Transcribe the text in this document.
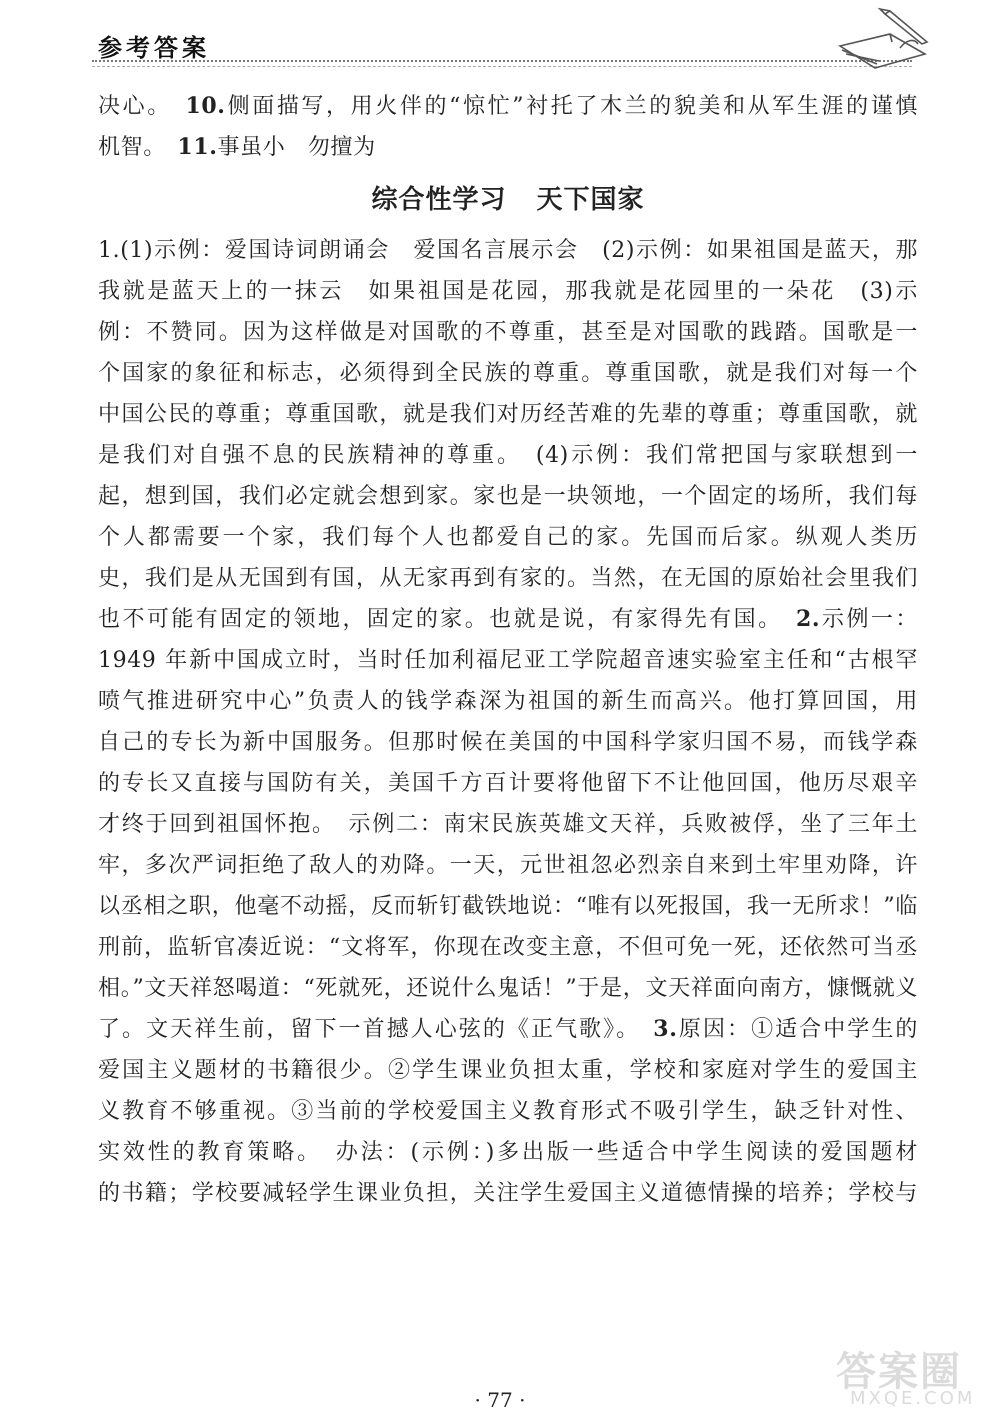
参考答案
决心。　 10.侧面描写，用火伴的“惊忙”衬托了木兰的貌美和从军生涯的谨慎
机智。　 11.事虽小　勿擅为
综合性学习 天下国家
1.(1)示例：爱国诗词朗诵会　爱国名言展示会　(2)示例：如果祖国是蓝天，那
我就是蓝天上的一抹云　如果祖国是花园，那我就是花园里的一朵花　(3)示
例：不赞同。因为这样做是对国歌的不尊重，甚至是对国歌的践踏。国歌是一
个国家的象征和标志，必须得到全民族的尊重。尊重国歌，就是我们对每一个
中国公民的尊重；尊重国歌，就是我们对历经苦难的先辈的尊重；尊重国歌，就
是我们对自强不息的民族精神的尊重。　(4)示例：我们常把国与家联想到一
起，想到国，我们必定就会想到家。家也是一块领地，一个固定的场所，我们每
个人都需要一个家，我们每个人也都爱自己的家。先国而后家。纵观人类历
史，我们是从无国到有国，从无家再到有家的。当然，在无国的原始社会里我们
也不可能有固定的领地，固定的家。也就是说，有家得先有国。　 2.示例一：
1949 年新中国成立时，当时任加利福尼亚工学院超音速实验室主任和“古根罕
喷气推进研究中心”负责人的钱学森深为祖国的新生而高兴。他打算回国，用
自己的专长为新中国服务。但那时候在美国的中国科学家归国不易，而钱学森
的专长又直接与国防有关，美国千方百计要将他留下不让他回国，他历尽艰辛
才终于回到祖国怀抱。　示例二：南宋民族英雄文天祥，兵败被俘，坐了三年土
牢，多次严词拒绝了敌人的劝降。一天，元世祖忽必烈亲自来到土牢里劝降，许
以丞相之职，他毫不动摇，反而斩钉截铁地说：“唯有以死报国，我一无所求！”临
刑前，监斩官凑近说：“文将军，你现在改变主意，不但可免一死，还依然可当丞
相。”文天祥怒喝道：“死就死，还说什么鬼话！”于是，文天祥面向南方，慷慨就义
了。文天祥生前，留下一首撼人心弦的《正气歌》。　 3.原因：①适合中学生的
爱国主义题材的书籍很少。②学生课业负担太重，学校和家庭对学生的爱国主
义教育不够重视。③当前的学校爱国主义教育形式不吸引学生，缺乏针对性、
实效性的教育策略。　办法：(示例：)多出版一些适合中学生阅读的爱国题材
的书籍；学校要减轻学生课业负担，关注学生爱国主义道德情操的培养；学校与
· 77 ·
答案圈
MXQE.COM
